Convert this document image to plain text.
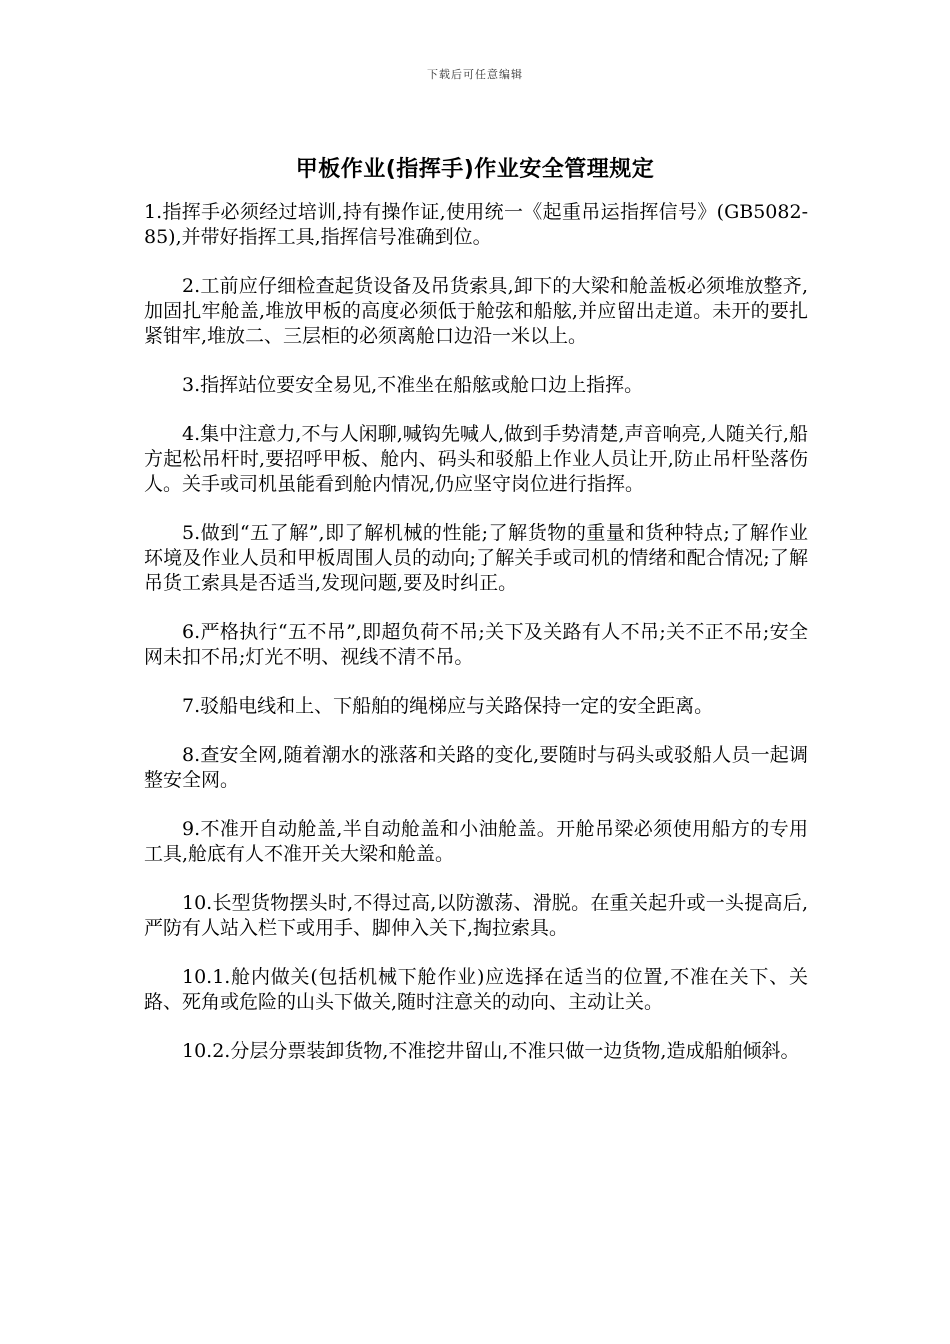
下载后可任意编辑
甲板作业(指挥手)作业安全管理规定

1.指挥手必须经过培训,持有操作证,使用统一《起重吊运指挥信号》(GB5082-85),并带好指挥工具,指挥信号准确到位。

2.工前应仔细检查起货设备及吊货索具,卸下的大梁和舱盖板必须堆放整齐,加固扎牢舱盖,堆放甲板的高度必须低于舱弦和船舷,并应留出走道。未开的要扎紧钳牢,堆放二、三层柜的必须离舱口边沿一米以上。

3.指挥站位要安全易见,不准坐在船舷或舱口边上指挥。

4.集中注意力,不与人闲聊,喊钩先喊人,做到手势清楚,声音响亮,人随关行,船方起松吊杆时,要招呼甲板、舱内、码头和驳船上作业人员让开,防止吊杆坠落伤人。关手或司机虽能看到舱内情况,仍应坚守岗位进行指挥。

5.做到“五了解”,即了解机械的性能;了解货物的重量和货种特点;了解作业环境及作业人员和甲板周围人员的动向;了解关手或司机的情绪和配合情况;了解吊货工索具是否适当,发现问题,要及时纠正。

6.严格执行“五不吊”,即超负荷不吊;关下及关路有人不吊;关不正不吊;安全网未扣不吊;灯光不明、视线不清不吊。

7.驳船电线和上、下船舶的绳梯应与关路保持一定的安全距离。

8.查安全网,随着潮水的涨落和关路的变化,要随时与码头或驳船人员一起调整安全网。

9.不准开自动舱盖,半自动舱盖和小油舱盖。开舱吊梁必须使用船方的专用工具,舱底有人不准开关大梁和舱盖。

10.长型货物摆头时,不得过高,以防激荡、滑脱。在重关起升或一头提高后,严防有人站入栏下或用手、脚伸入关下,掏拉索具。

10.1.舱内做关(包括机械下舱作业)应选择在适当的位置,不准在关下、关路、死角或危险的山头下做关,随时注意关的动向、主动让关。

10.2.分层分票装卸货物,不准挖井留山,不准只做一边货物,造成船舶倾斜。
